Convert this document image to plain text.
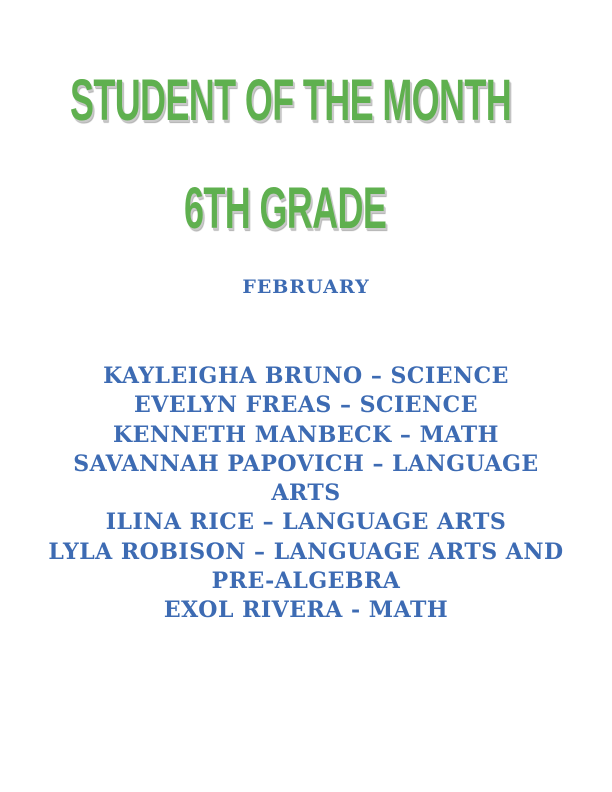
STUDENT OF THE MONTH
6TH GRADE

FEBRUARY

KAYLEIGHA BRUNO – SCIENCE
EVELYN FREAS – SCIENCE
KENNETH MANBECK – MATH
SAVANNAH PAPOVICH – LANGUAGE ARTS
ILINA RICE – LANGUAGE ARTS
LYLA ROBISON – LANGUAGE ARTS AND PRE-ALGEBRA
EXOL RIVERA - MATH
